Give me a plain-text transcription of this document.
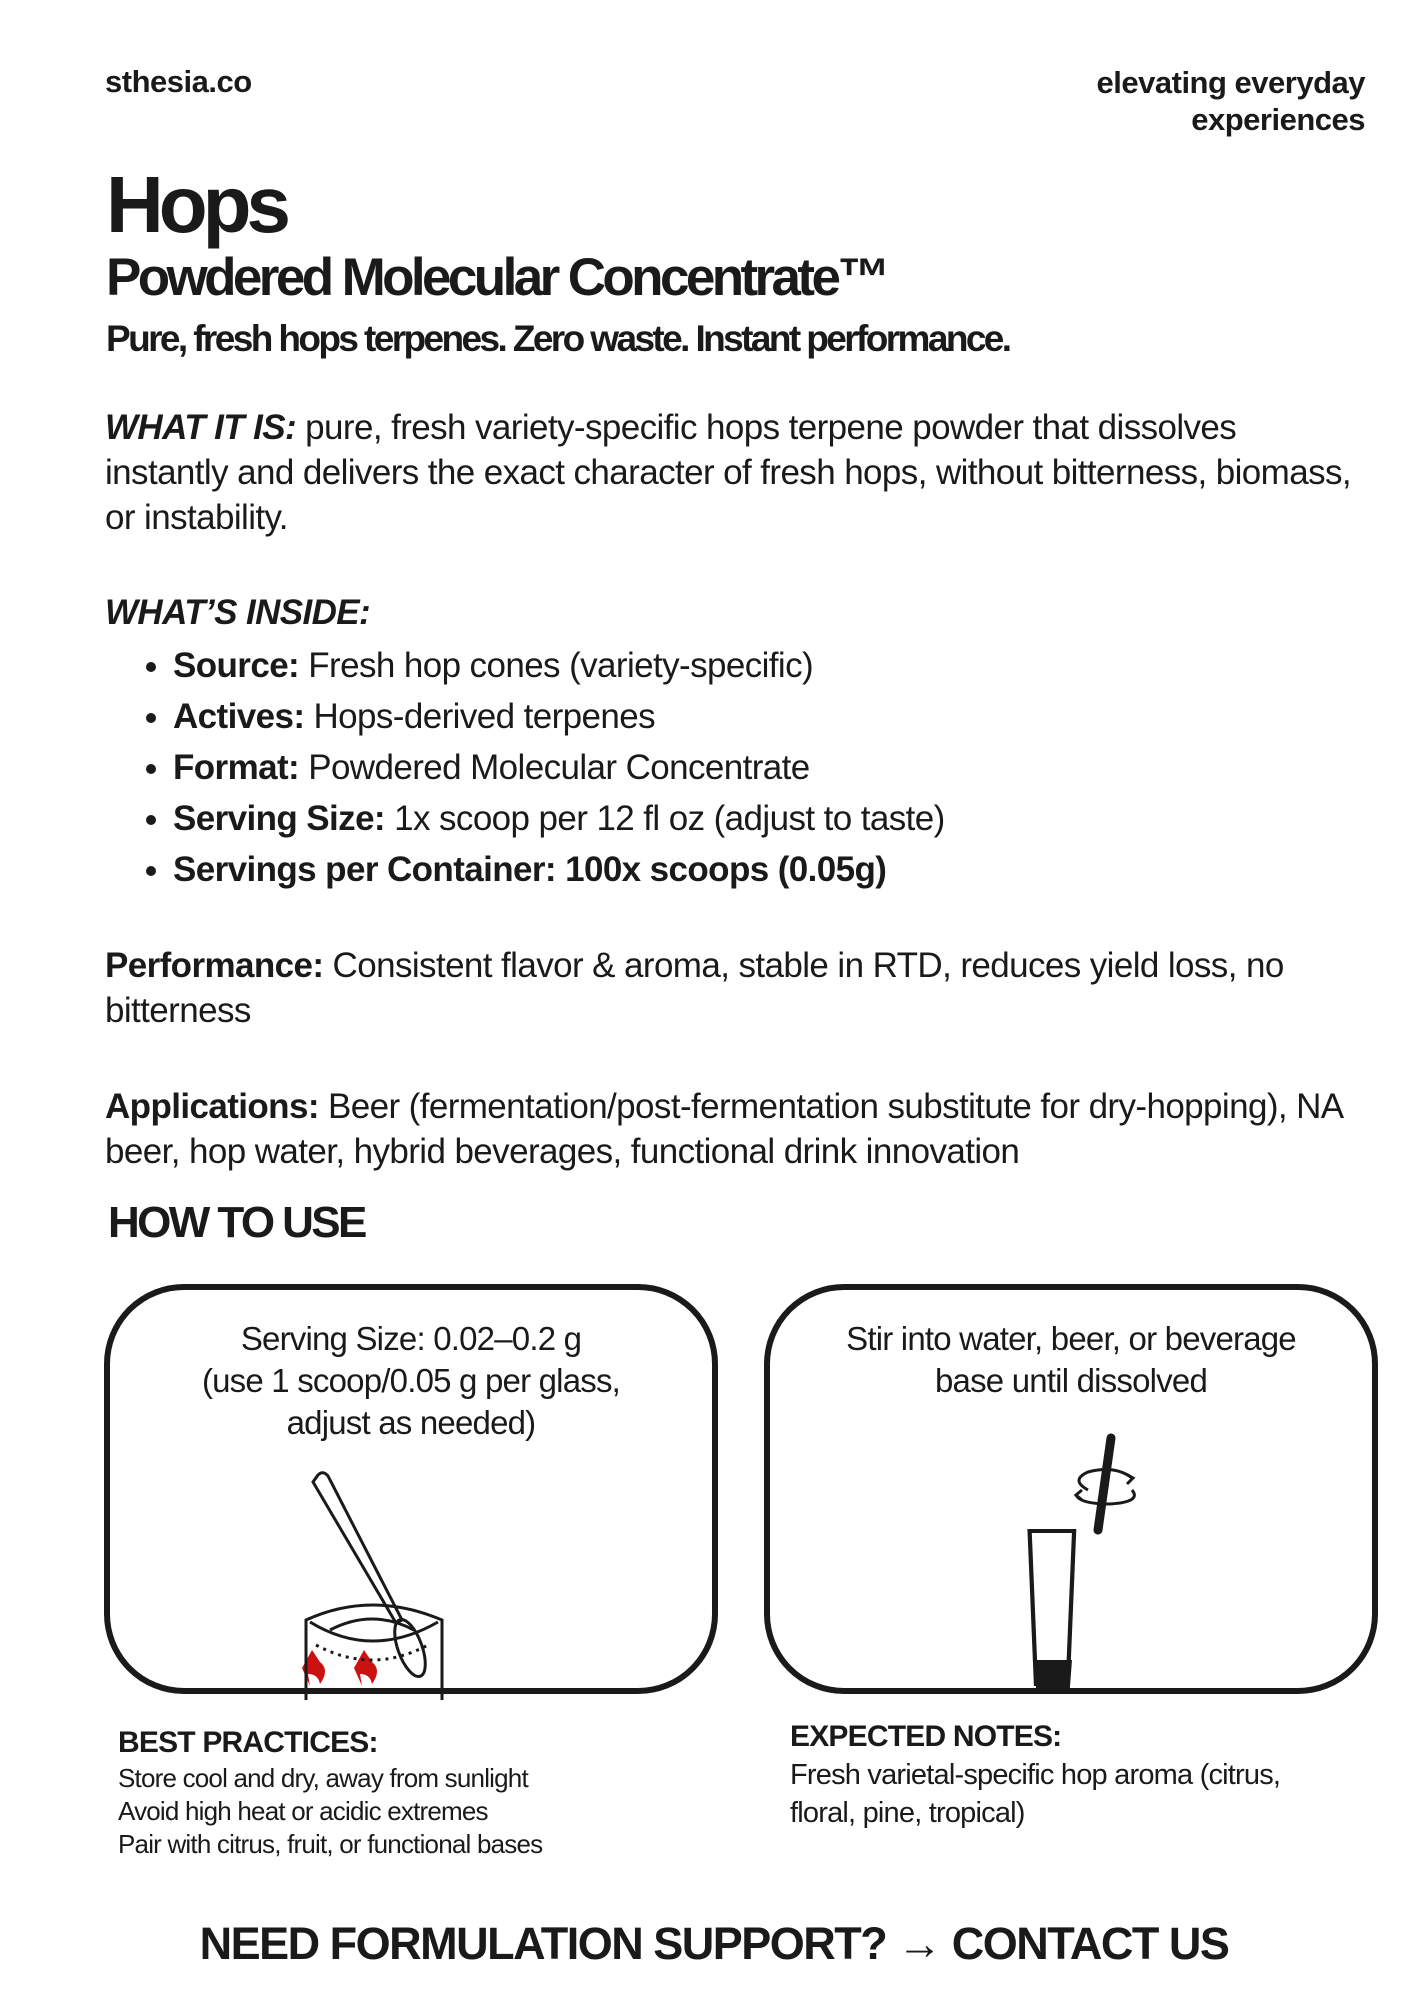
sthesia.co	elevating everyday
experiences
Hops
Powdered Molecular Concentrate™
Pure, fresh hops terpenes. Zero waste. Instant performance.
WHAT IT IS: pure, fresh variety-specific hops terpene powder that dissolves instantly and delivers the exact character of fresh hops, without bitterness, biomass, or instability.
WHAT’S INSIDE:
• Source: Fresh hop cones (variety-specific)
• Actives: Hops-derived terpenes
• Format: Powdered Molecular Concentrate
• Serving Size: 1x scoop per 12 fl oz (adjust to taste)
• Servings per Container: 100x scoops (0.05g)
Performance: Consistent flavor & aroma, stable in RTD, reduces yield loss, no bitterness
Applications: Beer (fermentation/post-fermentation substitute for dry-hopping), NA beer, hop water, hybrid beverages, functional drink innovation
HOW TO USE
Serving Size: 0.02–0.2 g
(use 1 scoop/0.05 g per glass,
adjust as needed)
Stir into water, beer, or beverage
base until dissolved
BEST PRACTICES:
Store cool and dry, away from sunlight
Avoid high heat or acidic extremes
Pair with citrus, fruit, or functional bases
EXPECTED NOTES:
Fresh varietal-specific hop aroma (citrus, floral, pine, tropical)
NEED FORMULATION SUPPORT? → CONTACT US
